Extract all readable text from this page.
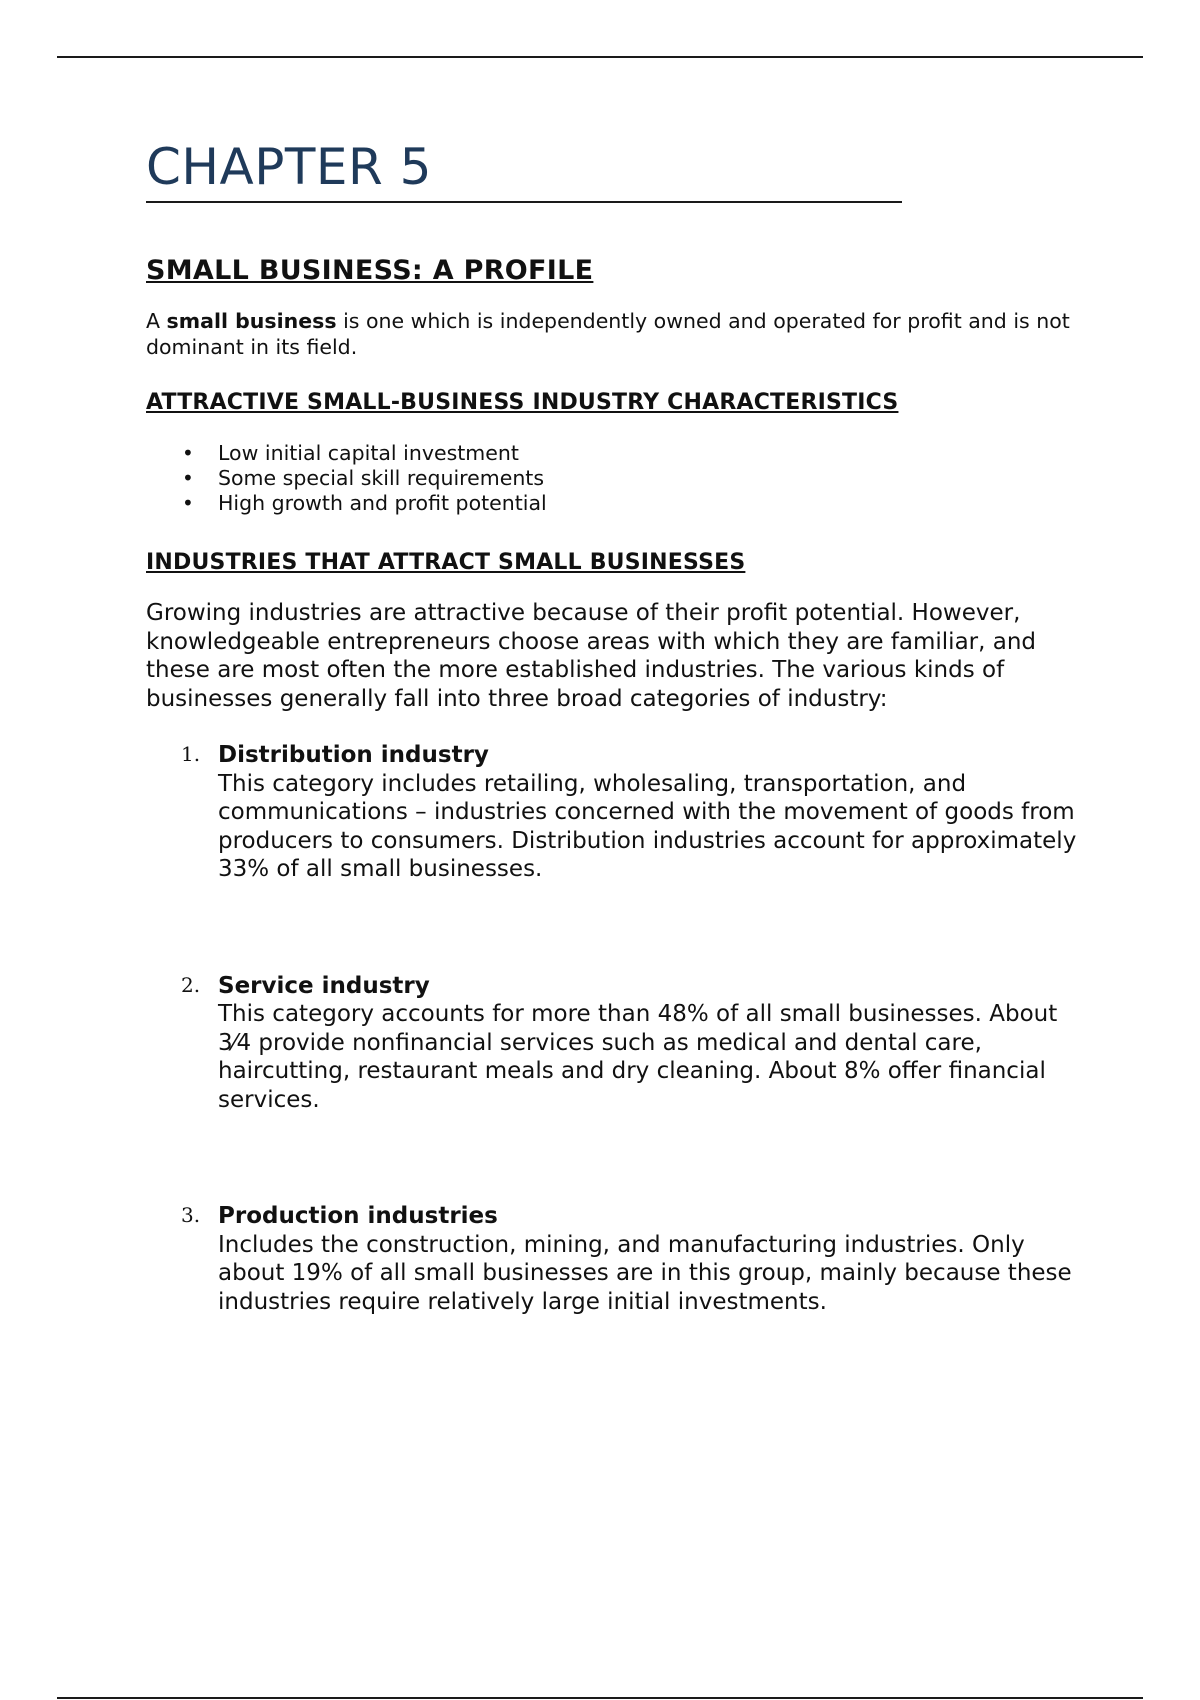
CHAPTER 5
SMALL BUSINESS: A PROFILE

A small business is one which is independently owned and operated for profit and is not dominant in its field.

ATTRACTIVE SMALL-BUSINESS INDUSTRY CHARACTERISTICS
• Low initial capital investment
• Some special skill requirements
• High growth and profit potential
INDUSTRIES THAT ATTRACT SMALL BUSINESSES

Growing industries are attractive because of their profit potential. However, knowledgeable entrepreneurs choose areas with which they are familiar, and these are most often the more established industries. The various kinds of businesses generally fall into three broad categories of industry:

1. Distribution industry
This category includes retailing, wholesaling, transportation, and communications – industries concerned with the movement of goods from producers to consumers. Distribution industries account for approximately 33% of all small businesses.
2. Service industry
This category accounts for more than 48% of all small businesses. About 3⁄4 provide nonfinancial services such as medical and dental care, haircutting, restaurant meals and dry cleaning. About 8% offer financial services.
3. Production industries
Includes the construction, mining, and manufacturing industries. Only about 19% of all small businesses are in this group, mainly because these industries require relatively large initial investments.
